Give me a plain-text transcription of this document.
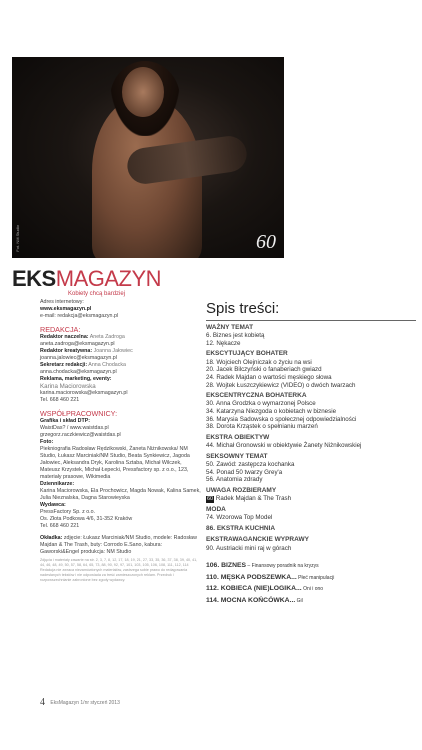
Fot. NM Studio	60
EKSMAGAZYN
Kobiety chcą bardziej
Adres internetowy:
www.eksmagazyn.pl
e-mail: redakcja@eksmagazyn.pl
REDAKCJA:
Redaktor naczelna: Aneta Zadroga
aneta.zadroga@eksmagazyn.pl
Redaktor kreatywna: Joanna Jałowiec
joanna.jalowiec@eksmagazyn.pl
Sekretarz redakcji: Anna Chodacka
anna.chodacka@eksmagazyn.pl
Reklama, marketing, eventy:
Karina Maciorowska
karina.maciorowska@eksmagazyn.pl
Tel. 668 460 221
WSPÓŁPRACOWNICY:
Grafika i skład DTP:
WaistDas? / www.waistdas.pl
grzegorz.raczkiewicz@waistdas.pl
Foto:
Piekniografia Radosław Rędzikowski, Żaneta Niżnikowska/ NM Studio, Łukasz Marciniak/NM Studio, Beata Synkiewicz, Jagoda Jałowiec, Aleksandra Dryk, Karolina Sztaba, Michał Wilczek, Mateusz Krzystek, Michał Łepecki, Pressfactory sp. z o.o., 123, materiały prasowe, Wikimedia
Dziennikarze:
Karina Maciorowska, Ela Prochowicz, Magda Nowak, Kalina Samek, Julia Nieznalska, Dagna Starowieyska
Wydawca:
PressFactory Sp. z o.o.
Os. Złota Podkowa 4/6, 31-352 Kraków
Tel. 668 460 221
Okładka: zdjęcie: Łukasz Marciniak/NM Studio, modele: Radosław Majdan & The Trash, buty: Corrodo E.Sano, kabura: Gaworski&Engel produkcja: NM Studio
Zdjęcia i materiały zawarte na str. 2, 3, 7, 8, 12, 17, 18, 19, 21, 27, 33, 35, 36, 37, 38, 39, 40, 41, 44, 46, 48, 49, 50, 57, 58, 64, 65, 73, 88, 90, 92, 97, 101, 103, 105, 106, 108, 111, 112, 114 Redakcja nie zwraca niezamówionych materiałów, zastrzega sobie prawo do redagowania nadesłanych tekstów i nie odpowiada za treść zamieszczonych reklam. Przedruk i rozpowszechnianie zabronione bez zgody wydawcy.
Spis treści:
WAŻNY TEMAT
6. Biznes jest kobietą
12. Nękacze
EKSCYTUJĄCY BOHATER
18. Wojciech Olejniczak o życiu na wsi
20. Jacek Bilczyński o fanaberiach gwiazd
24. Radek Majdan o wartości męskiego słowa
28. Wojtek Łuszczykiewicz (VIDEO) o dwóch twarzach
EKSCENTRYCZNA BOHATERKA
30. Anna Grodzka o wymarzonej Polsce
34. Katarzyna Niezgoda o kobietach w biznesie
36. Marysia Sadowska o społecznej odpowiedzialności
38. Dorota Krząstek o spełnianiu marzeń
EKSTRA OBIEKTYW
44. Michał Gronowski w obiektywie Żanety Niżnikowskiej
SEKSOWNY TEMAT
50. Zawód: zastępcza kochanka
54. Ponad 50 twarzy Grey'a
56. Anatomia zdrady
UWAGA ROZBIERAMY
60 Radek Majdan & The Trash
MODA
74. Wzorowa Top Model
86. EKSTRA KUCHNIA
EKSTRAWAGANCKIE WYPRAWY
90. Austriacki mini raj w górach
106. BIZNES – Finansowy poradnik na kryzys
110. MĘSKA PODSZEWKA... Płeć manipulacji
112. KOBIECA (NIE)LOGIKA... Oni i ono
114. MOCNA KOŃCÓWKA... Gil
4 EksMagazyn 1/nr styczeń 2013
